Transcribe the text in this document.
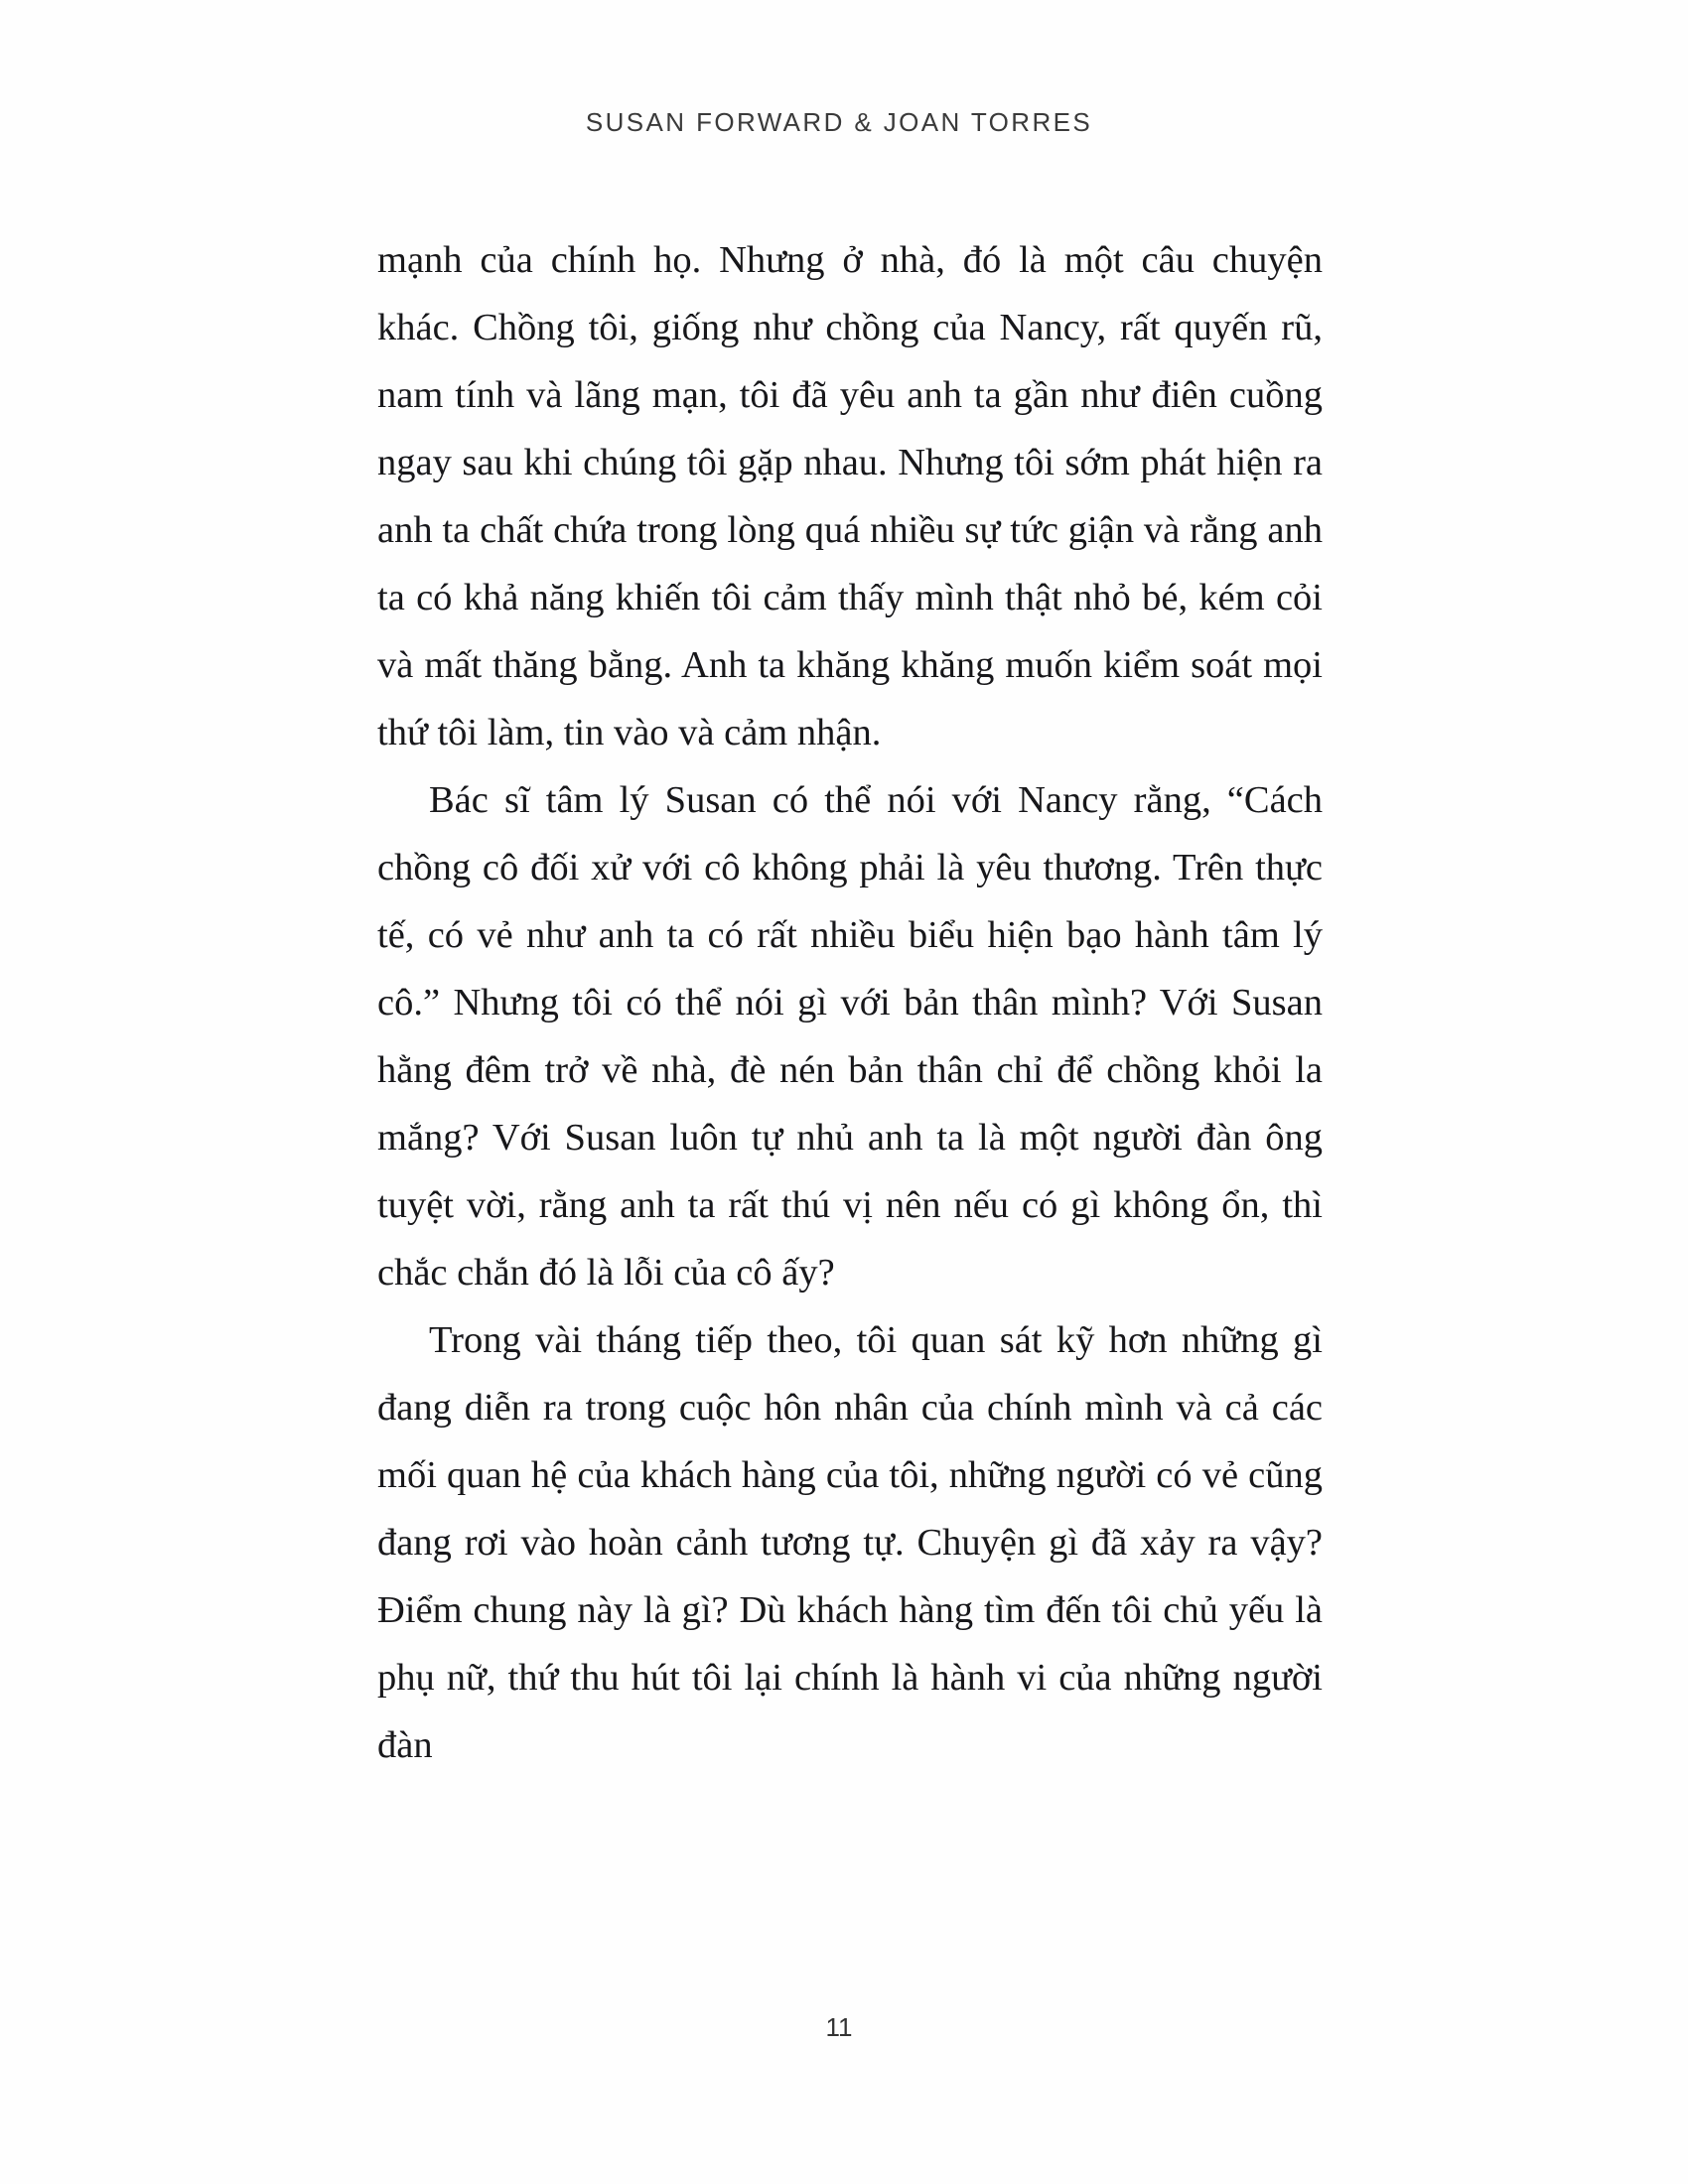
SUSAN FORWARD & JOAN TORRES

mạnh của chính họ. Nhưng ở nhà, đó là một câu chuyện khác. Chồng tôi, giống như chồng của Nancy, rất quyến rũ, nam tính và lãng mạn, tôi đã yêu anh ta gần như điên cuồng ngay sau khi chúng tôi gặp nhau. Nhưng tôi sớm phát hiện ra anh ta chất chứa trong lòng quá nhiều sự tức giận và rằng anh ta có khả năng khiến tôi cảm thấy mình thật nhỏ bé, kém cỏi và mất thăng bằng. Anh ta khăng khăng muốn kiểm soát mọi thứ tôi làm, tin vào và cảm nhận.

Bác sĩ tâm lý Susan có thể nói với Nancy rằng, “Cách chồng cô đối xử với cô không phải là yêu thương. Trên thực tế, có vẻ như anh ta có rất nhiều biểu hiện bạo hành tâm lý cô.” Nhưng tôi có thể nói gì với bản thân mình? Với Susan hằng đêm trở về nhà, đè nén bản thân chỉ để chồng khỏi la mắng? Với Susan luôn tự nhủ anh ta là một người đàn ông tuyệt vời, rằng anh ta rất thú vị nên nếu có gì không ổn, thì chắc chắn đó là lỗi của cô ấy?

Trong vài tháng tiếp theo, tôi quan sát kỹ hơn những gì đang diễn ra trong cuộc hôn nhân của chính mình và cả các mối quan hệ của khách hàng của tôi, những người có vẻ cũng đang rơi vào hoàn cảnh tương tự. Chuyện gì đã xảy ra vậy? Điểm chung này là gì? Dù khách hàng tìm đến tôi chủ yếu là phụ nữ, thứ thu hút tôi lại chính là hành vi của những người đàn

11
